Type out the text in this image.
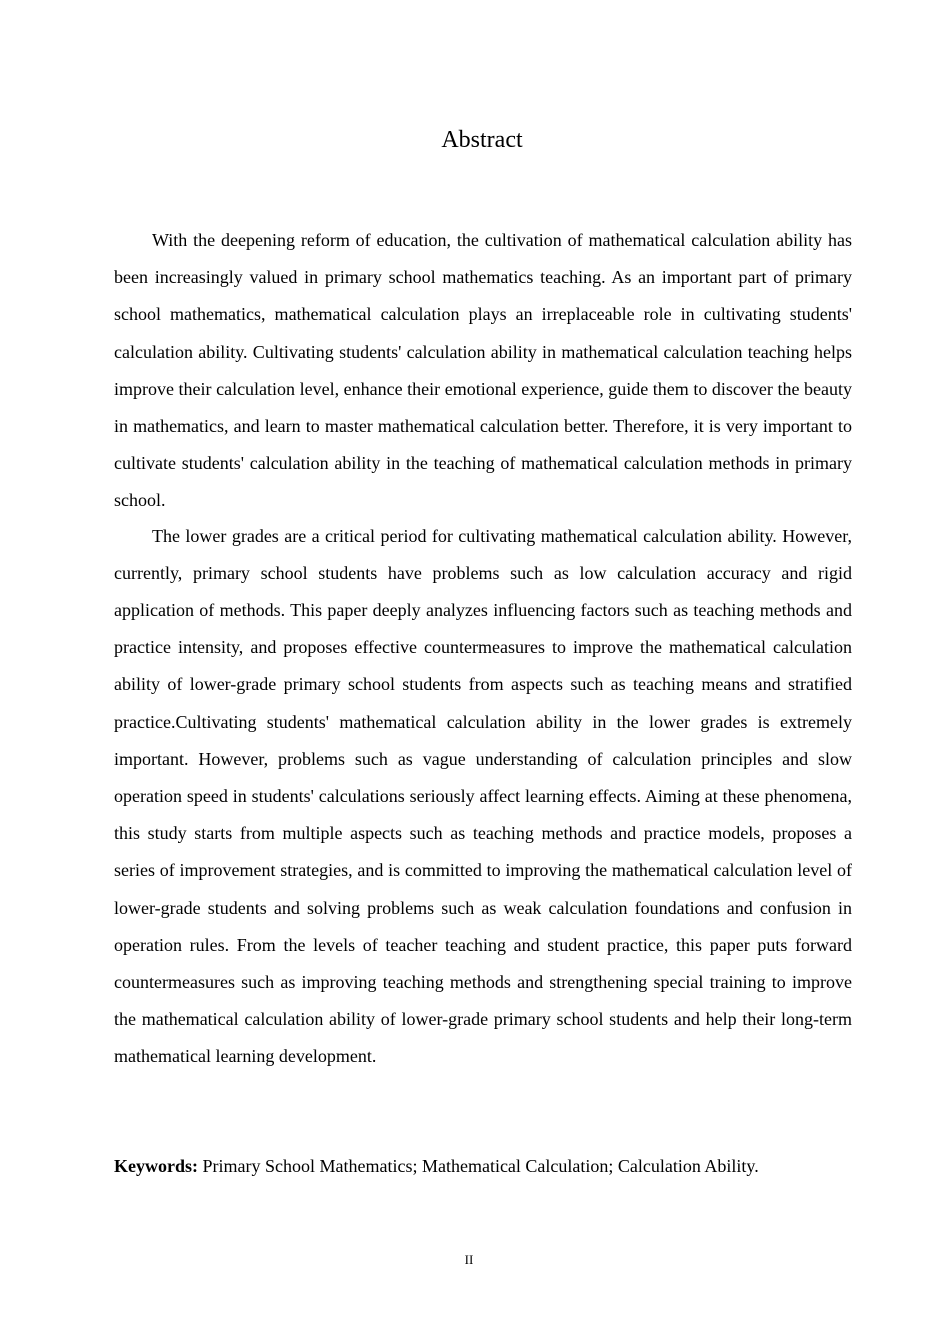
Abstract

With the deepening reform of education, the cultivation of mathematical calculation ability has been increasingly valued in primary school mathematics teaching. As an important part of primary school mathematics, mathematical calculation plays an irreplaceable role in cultivating students' calculation ability. Cultivating students' calculation ability in mathematical calculation teaching helps improve their calculation level, enhance their emotional experience, guide them to discover the beauty in mathematics, and learn to master mathematical calculation better. Therefore, it is very important to cultivate students' calculation ability in the teaching of mathematical calculation methods in primary school.

The lower grades are a critical period for cultivating mathematical calculation ability. However, currently, primary school students have problems such as low calculation accuracy and rigid application of methods. This paper deeply analyzes influencing factors such as teaching methods and practice intensity, and proposes effective countermeasures to improve the mathematical calculation ability of lower-grade primary school students from aspects such as teaching means and stratified practice.Cultivating students' mathematical calculation ability in the lower grades is extremely important. However, problems such as vague understanding of calculation principles and slow operation speed in students' calculations seriously affect learning effects. Aiming at these phenomena, this study starts from multiple aspects such as teaching methods and practice models, proposes a series of improvement strategies, and is committed to improving the mathematical calculation level of lower-grade students and solving problems such as weak calculation foundations and confusion in operation rules. From the levels of teacher teaching and student practice, this paper puts forward countermeasures such as improving teaching methods and strengthening special training to improve the mathematical calculation ability of lower-grade primary school students and help their long-term mathematical learning development.

Keywords: Primary School Mathematics; Mathematical Calculation; Calculation Ability.

II
